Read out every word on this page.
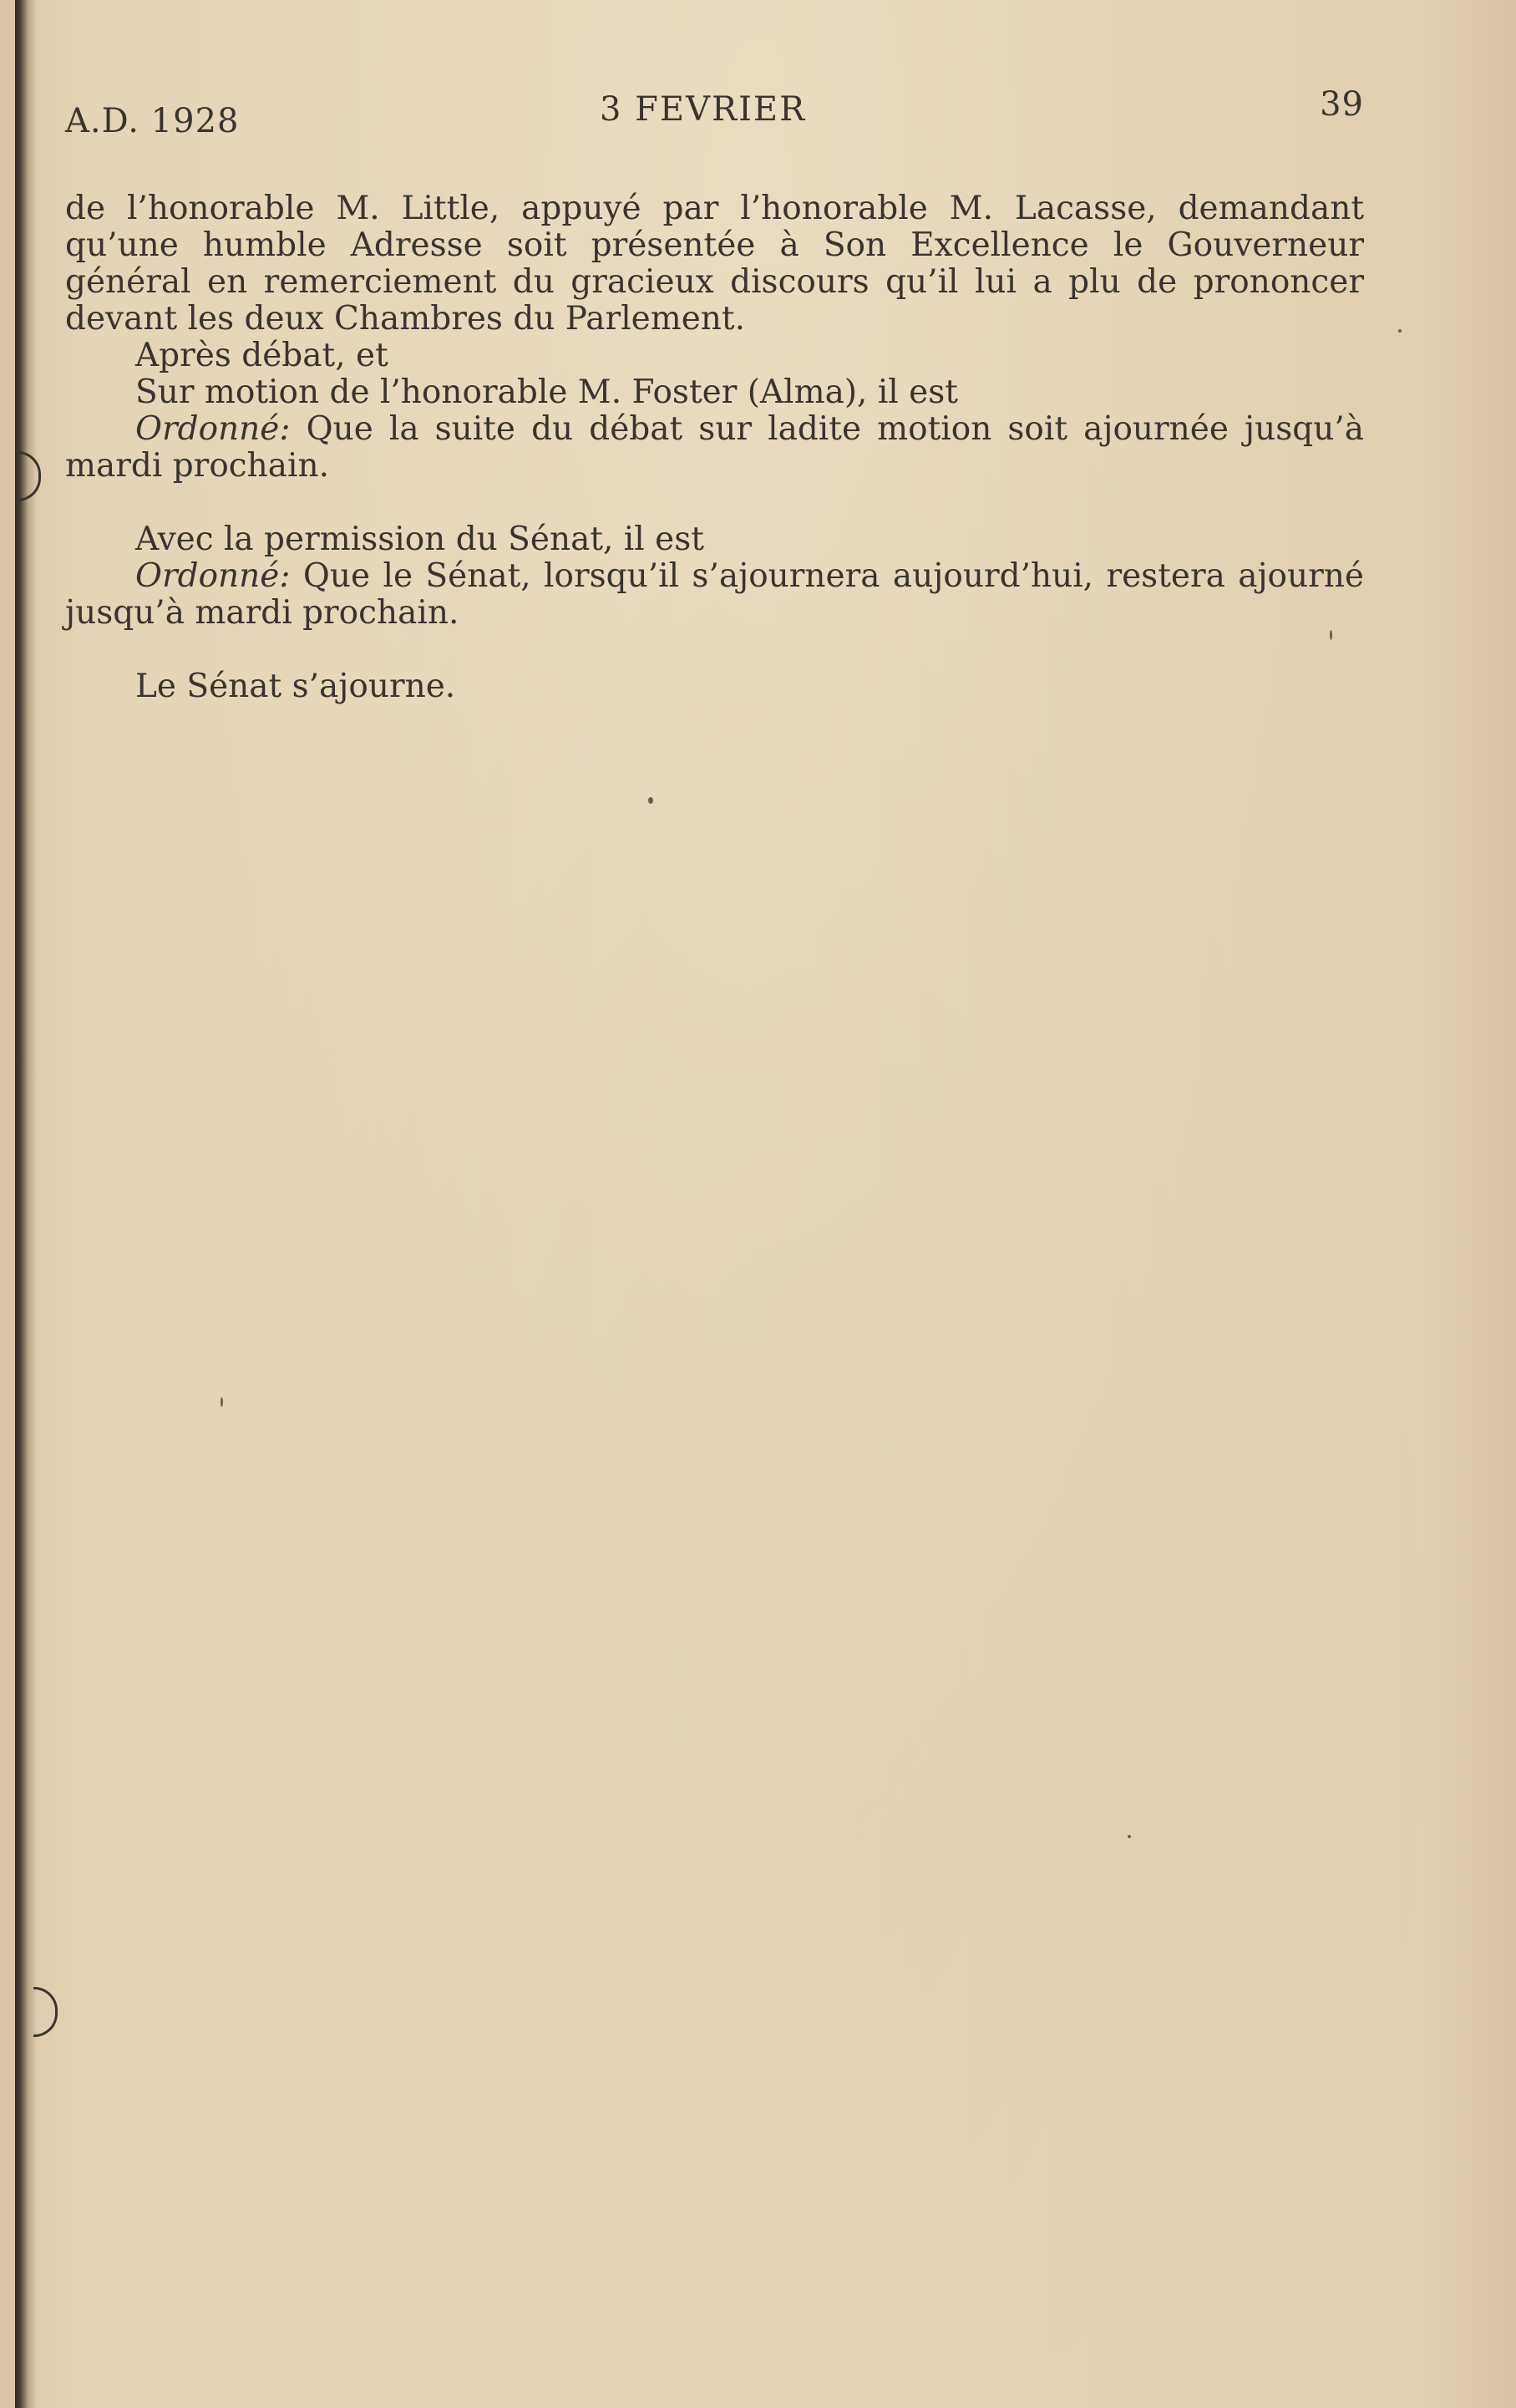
A.D. 1928	3 FEVRIER	39

de l’honorable M. Little, appuyé par l’honorable M. Lacasse, demandant qu’une humble Adresse soit présentée à Son Excellence le Gouverneur général en remerciement du gracieux discours qu’il lui a plu de prononcer devant les deux Chambres du Parlement.

Après débat, et

Sur motion de l’honorable M. Foster (Alma), il est

Ordonné: Que la suite du débat sur ladite motion soit ajournée jusqu’à mardi prochain.

Avec la permission du Sénat, il est

Ordonné: Que le Sénat, lorsqu’il s’ajournera aujourd’hui, restera ajourné jusqu’à mardi prochain.

Le Sénat s’ajourne.
